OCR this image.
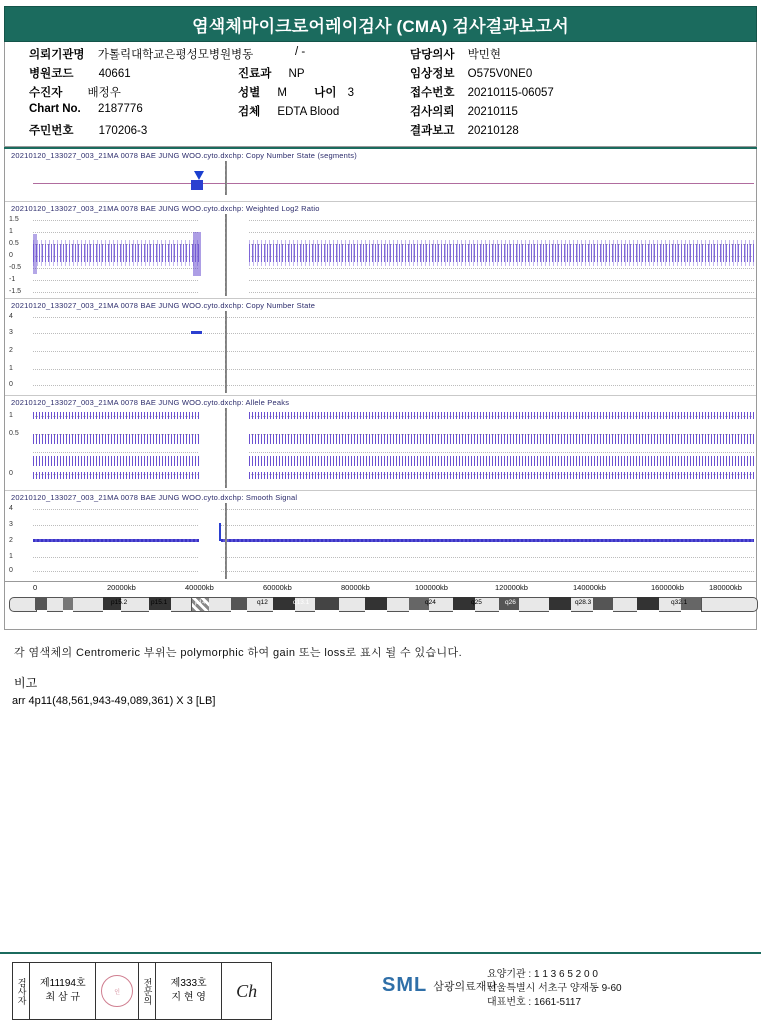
염색체마이크로어레이검사 (CMA) 검사결과보고서
의뢰기관명 가톨릭대학교은평성모병원병동	/ -
병원코드 40661	진료과 NP
담당의사 박민현
수진자 배정우	성별 M 나이 3
임상정보 O575V0NE0
Chart No. 2187776	검체 EDTA Blood
접수번호 20210115-06057
주민번호 170206-3
검사의뢰 20210115
결과보고 20210128
20210120_133027_003_21MA 0078 BAE JUNG WOO.cyto.dxchp: Copy Number State (segments)
20210120_133027_003_21MA 0078 BAE JUNG WOO.cyto.dxchp: Weighted Log2 Ratio
1.5
1
0.5
0
-0.5
-1
-1.5
20210120_133027_003_21MA 0078 BAE JUNG WOO.cyto.dxchp: Copy Number State
4
3
2
1
0
20210120_133027_003_21MA 0078 BAE JUNG WOO.cyto.dxchp: Allele Peaks
1
0.5
0
20210120_133027_003_21MA 0078 BAE JUNG WOO.cyto.dxchp: Smooth Signal
4
3
2
1
0
0	20000kb	40000kb	60000kb	80000kb	100000kb	120000kb	140000kb	160000kb	180000kb
p15.2	p15.1	p14	q12	q13.1	q24	q25	q26	q28.3	q32.1
각 염색체의 Centromeric 부위는 polymorphic 하여 gain 또는 loss로 표시 될 수 있습니다.
비고
arr 4p11(48,561,943-49,089,361) X 3 [LB]
검사자 제11194호
최 삼 규	인	전문의 제333호
지 현 영	Ch	SML 삼광의료재단
요양기관 : 1 1 3 6 5 2 0 0
서울특별시 서초구 양재동 9-60
대표번호 : 1661-5117
